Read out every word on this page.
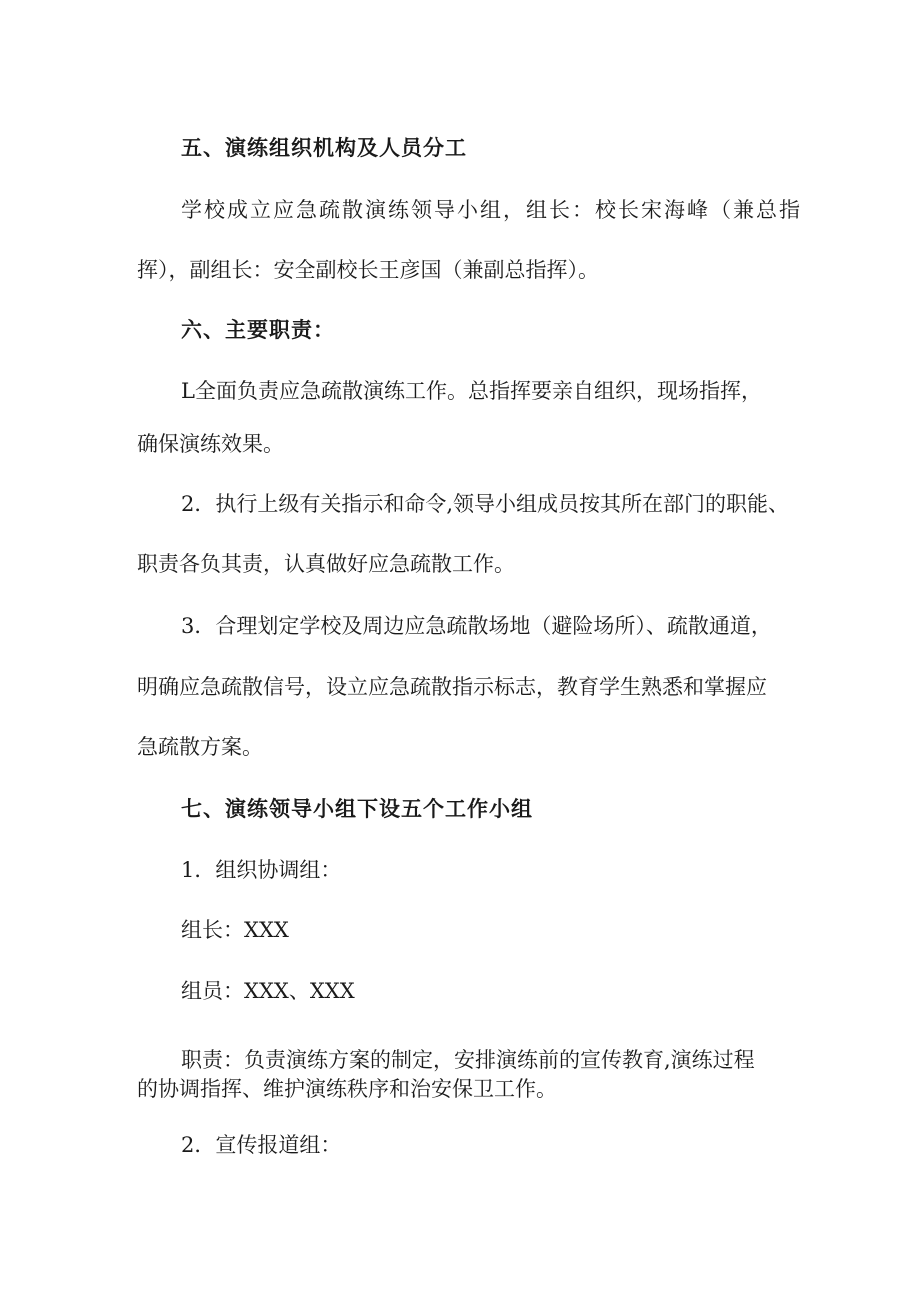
五、演练组织机构及人员分工
学校成立应急疏散演练领导小组，组长：校长宋海峰（兼总指
挥），副组长：安全副校长王彦国（兼副总指挥）。
六、主要职责：
L全面负责应急疏散演练工作。总指挥要亲自组织，现场指挥，
确保演练效果。
2．执行上级有关指示和命令,领导小组成员按其所在部门的职能、
职责各负其责，认真做好应急疏散工作。
3．合理划定学校及周边应急疏散场地（避险场所）、疏散通道，
明确应急疏散信号，设立应急疏散指示标志，教育学生熟悉和掌握应
急疏散方案。
七、演练领导小组下设五个工作小组
1．组织协调组：
组长：XXX
组员：XXX、XXX
职责：负责演练方案的制定，安排演练前的宣传教育,演练过程
的协调指挥、维护演练秩序和治安保卫工作。
2．宣传报道组：
